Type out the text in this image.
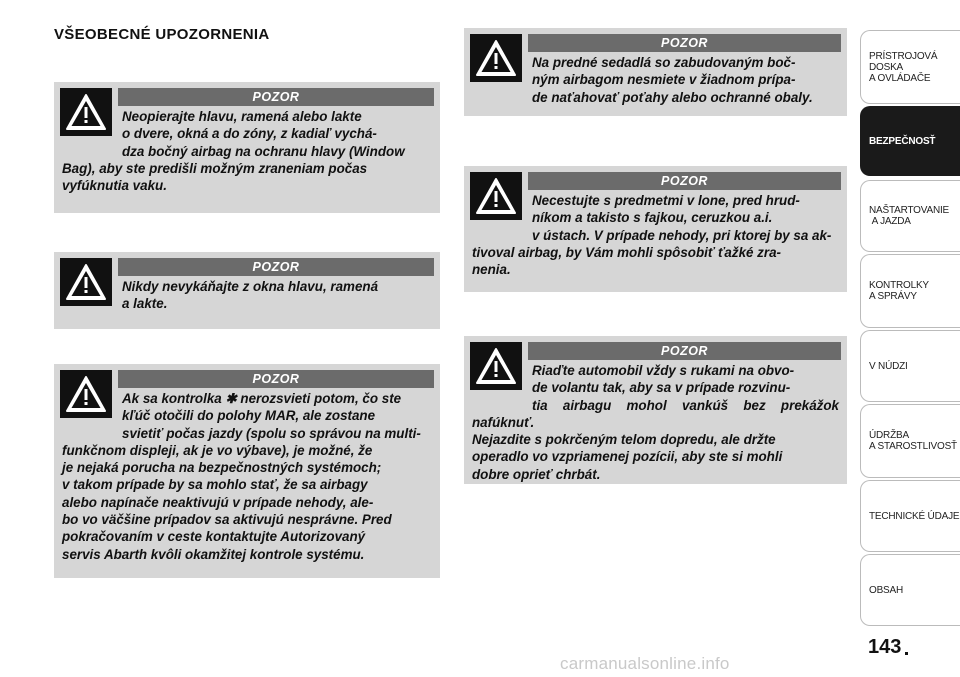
VŠEOBECNÉ UPOZORNENIA
POZOR

Neopierajte hlavu, ramená alebo lakte
o dvere, okná a do zóny, z kadiaľ vychá-
dza bočný airbag na ochranu hlavy (Window
Bag), aby ste predišli možným zraneniam počas
vyfúknutia vaku.

POZOR

Nikdy nevykáňajte z okna hlavu, ramená
a lakte.

POZOR

Ak sa kontrolka ✱ nerozsvieti potom, čo ste
kľúč otočili do polohy MAR, ale zostane
svietiť počas jazdy (spolu so správou na multi-
funkčnom displeji, ak je vo výbave), je možné, že
je nejaká porucha na bezpečnostných systémoch;
v takom prípade by sa mohlo stať, že sa airbagy
alebo napínače neaktivujú v prípade nehody, ale-
bo vo väčšine prípadov sa aktivujú nesprávne. Pred
pokračovaním v ceste kontaktujte Autorizovaný
servis Abarth kvôli okamžitej kontrole systému.

POZOR

Na predné sedadlá so zabudovaným boč-
ným airbagom nesmiete v žiadnom prípa-
de naťahovať poťahy alebo ochranné obaly.

POZOR

Necestujte s predmetmi v lone, pred hrud-
níkom a takisto s fajkou, ceruzkou a.i.
v ústach. V prípade nehody, pri ktorej by sa ak-
tivoval airbag, by Vám mohli spôsobiť ťažké zra-
nenia.

POZOR

Riaďte automobil vždy s rukami na obvo-
de volantu tak, aby sa v prípade rozvinu-
tia airbagu mohol vankúš bez prekážok nafúknuť.
Nejazdite s pokrčeným telom dopredu, ale držte
operadlo vo vzpriamenej pozícii, aby ste si mohli
dobre oprieť chrbát.

PRÍSTROJOVÁ
DOSKA
A OVLÁDAČE
BEZPEČNOSŤ
NAŠTARTOVANIE
A JAZDA
KONTROLKY
A SPRÁVY
V NÚDZI
ÚDRŽBA
A STAROSTLIVOSŤ
TECHNICKÉ ÚDAJE
OBSAH
143
carmanualsonline.info
